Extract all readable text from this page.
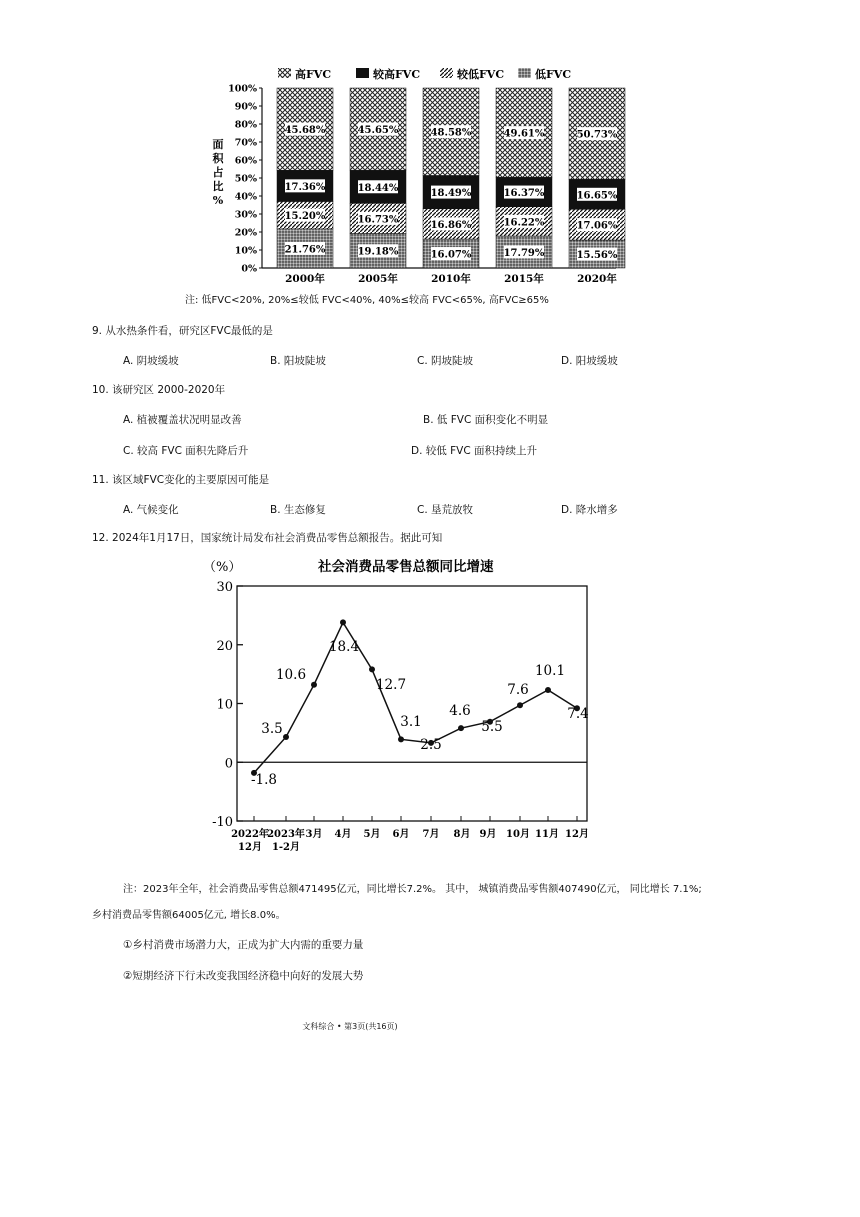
高FVC	较高FVC	较低FVC	低FVC
100%
90%
80%
70%
60%
50%
40%
30%
20%
10%
0%
21.76%
15.20%
17.36%
45.68%
2000年
19.18%
16.73%
18.44%
45.65%
2005年
16.07%
16.86%
18.49%
48.58%
2010年
17.79%
16.22%
16.37%
49.61%
2015年
15.56%
17.06%
16.65%
50.73%
2020年
面
积
占
比
%
注: 低FVC<20%, 20%≤较低 FVC<40%, 40%≤较高 FVC<65%, 高FVC≥65%
9. 从水热条件看，研究区FVC最低的是
A. 阴坡缓坡	B. 阳坡陡坡	C. 阴坡陡坡	D. 阳坡缓坡
10. 该研究区 2000-2020年
A. 植被覆盖状况明显改善	B. 低 FVC 面积变化不明显
C. 较高 FVC 面积先降后升	D. 较低 FVC 面积持续上升
11. 该区域FVC变化的主要原因可能是
A. 气候变化	B. 生态修复	C. 垦荒放牧	D. 降水增多
12. 2024年1月17日，国家统计局发布社会消费品零售总额报告。据此可知
（%）	社会消费品零售总额同比增速
30
20
10
0
-10
-1.8
3.5
10.6
18.4
12.7
3.1
2.5
4.6
5.5
7.6
10.1
7.4
2022年
12月
2023年
1-2月
3月 4月 5月 6月 7月 8月 9月 10月 11月 12月
注：2023年全年，社会消费品零售总额471495亿元，同比增长7.2%。 其中， 城镇消费品零售额407490亿元， 同比增长 7.1%;
乡村消费品零售额64005亿元, 增长8.0%。
①乡村消费市场潜力大，正成为扩大内需的重要力量
②短期经济下行未改变我国经济稳中向好的发展大势
文科综合 • 第3页(共16页)
